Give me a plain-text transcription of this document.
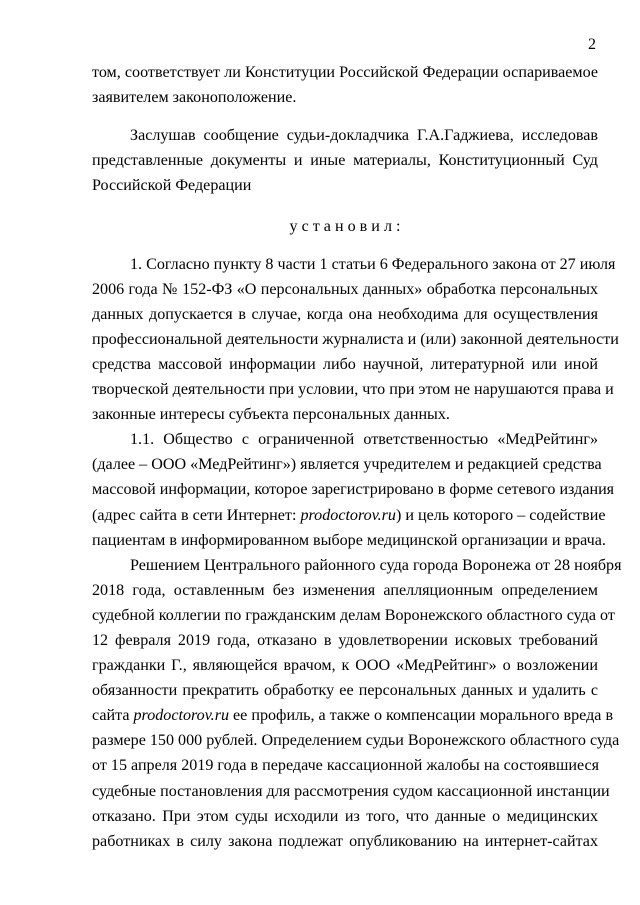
2
том, соответствует ли Конституции Российской Федерации оспариваемое
заявителем законоположение.
Заслушав сообщение судьи-докладчика Г.А.Гаджиева, исследовав
представленные документы и иные материалы, Конституционный Суд
Российской Федерации
у с т а н о в и л :
1. Согласно пункту 8 части 1 статьи 6 Федерального закона от 27 июля
2006 года № 152-ФЗ «О персональных данных» обработка персональных
данных допускается в случае, когда она необходима для осуществления
профессиональной деятельности журналиста и (или) законной деятельности
средства массовой информации либо научной, литературной или иной
творческой деятельности при условии, что при этом не нарушаются права и
законные интересы субъекта персональных данных.
1.1. Общество с ограниченной ответственностью «МедРейтинг»
(далее – ООО «МедРейтинг») является учредителем и редакцией средства
массовой информации, которое зарегистрировано в форме сетевого издания
(адрес сайта в сети Интернет: prodoctorov.ru) и цель которого – содействие
пациентам в информированном выборе медицинской организации и врача.
Решением Центрального районного суда города Воронежа от 28 ноября
2018 года, оставленным без изменения апелляционным определением
судебной коллегии по гражданским делам Воронежского областного суда от
12 февраля 2019 года, отказано в удовлетворении исковых требований
гражданки Г., являющейся врачом, к ООО «МедРейтинг» о возложении
обязанности прекратить обработку ее персональных данных и удалить с
сайта prodoctorov.ru ее профиль, а также о компенсации морального вреда в
размере 150 000 рублей. Определением судьи Воронежского областного суда
от 15 апреля 2019 года в передаче кассационной жалобы на состоявшиеся
судебные постановления для рассмотрения судом кассационной инстанции
отказано. При этом суды исходили из того, что данные о медицинских
работниках в силу закона подлежат опубликованию на интернет-сайтах
